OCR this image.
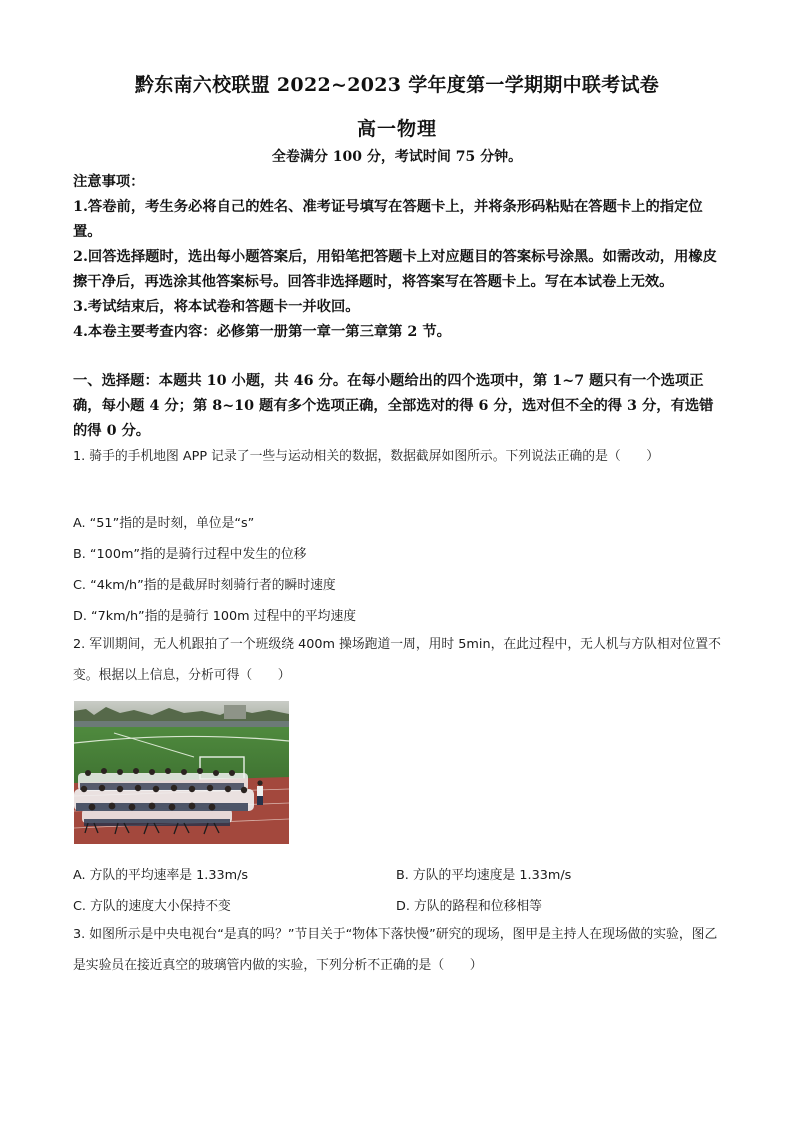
黔东南六校联盟 2022~2023 学年度第一学期期中联考试卷
高一物理
全卷满分 100 分，考试时间 75 分钟。
注意事项：
1.答卷前，考生务必将自己的姓名、准考证号填写在答题卡上，并将条形码粘贴在答题卡上的指定位置。
2.回答选择题时，选出每小题答案后，用铅笔把答题卡上对应题目的答案标号涂黑。如需改动，用橡皮擦干净后，再选涂其他答案标号。回答非选择题时，将答案写在答题卡上。写在本试卷上无效。
3.考试结束后，将本试卷和答题卡一并收回。
4.本卷主要考查内容：必修第一册第一章一第三章第 2 节。
一、选择题：本题共 10 小题，共 46 分。在每小题给出的四个选项中，第 1~7 题只有一个选项正确，每小题 4 分；第 8~10 题有多个选项正确，全部选对的得 6 分，选对但不全的得 3 分，有选错的得 0 分。
1. 骑手的手机地图 APP 记录了一些与运动相关的数据，数据截屏如图所示。下列说法正确的是（　　）
A. “51”指的是时刻，单位是“s”
B. “100m”指的是骑行过程中发生的位移
C. “4km/h”指的是截屏时刻骑行者的瞬时速度
D. “7km/h”指的是骑行 100m 过程中的平均速度
2. 军训期间，无人机跟拍了一个班级绕 400m 操场跑道一周，用时 5min，在此过程中，无人机与方队相对位置不变。根据以上信息，分析可得（　　）
A. 方队的平均速率是 1.33m/s	B. 方队的平均速度是 1.33m/s
C. 方队的速度大小保持不变	D. 方队的路程和位移相等
3. 如图所示是中央电视台“是真的吗？”节目关于“物体下落快慢”研究的现场，图甲是主持人在现场做的实验，图乙是实验员在接近真空的玻璃管内做的实验，下列分析不正确的是（　　）
